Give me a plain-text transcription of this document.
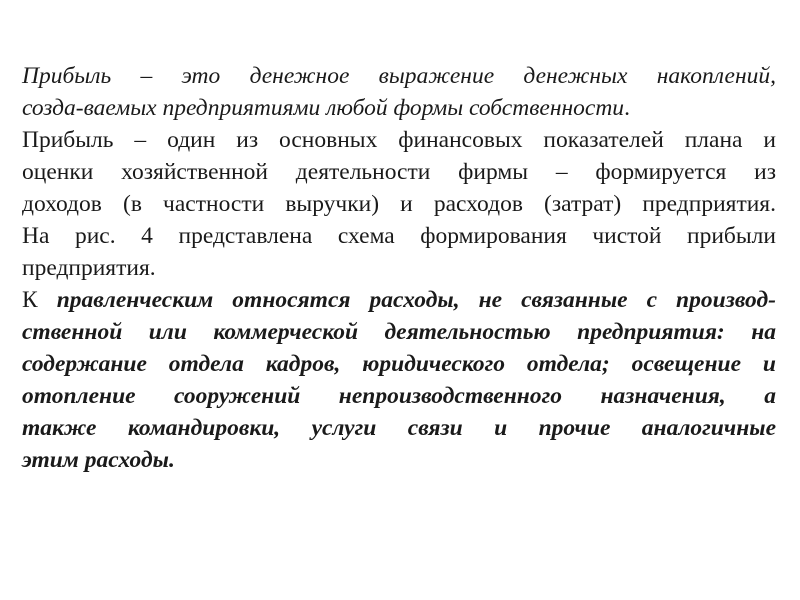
Прибыль – это денежное выражение денежных накоплений,

созда-ваемых предприятиями любой формы собственности.

Прибыль – один из основных финансовых показателей плана и

оценки хозяйственной деятельности фирмы – формируется из

доходов (в частности выручки) и расходов (затрат) предприятия.

На рис. 4 представлена схема формирования чистой прибыли

предприятия.

К правленческим относятся расходы, не связанные с производ-

ственной или коммерческой деятельностью предприятия: на

содержание отдела кадров, юридического отдела; освещение и

отопление сооружений непроизводственного назначения, а

также командировки, услуги связи и прочие аналогичные

этим расходы.
